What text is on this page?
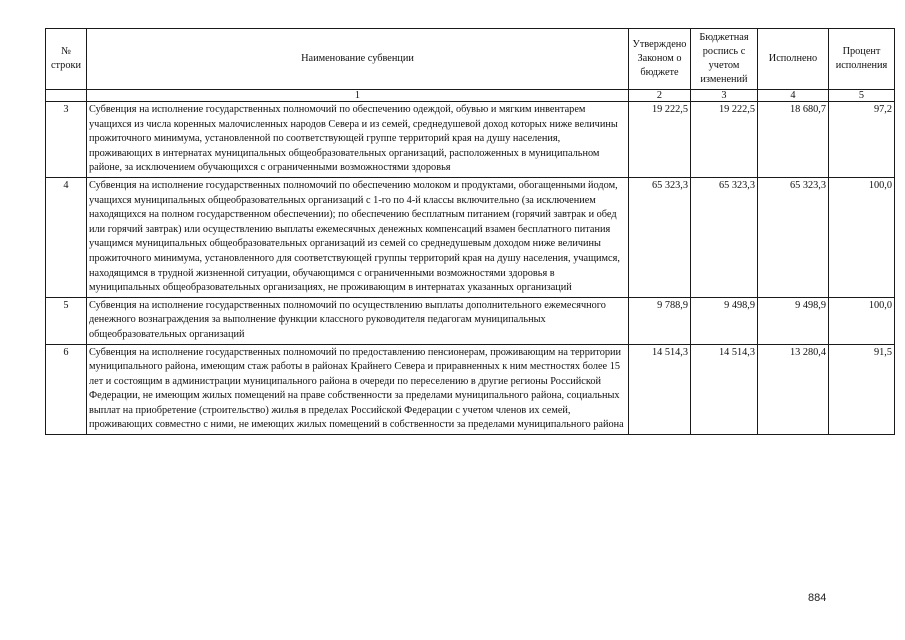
№ строки	Наименование субвенции	Утверждено Законом о бюджете	Бюджетная роспись с учетом изменений	Исполнено	Процент исполнения
	1	2	3	4	5
3	Субвенция на исполнение государственных полномочий по обеспечению одеждой, обувью и мягким инвентарем учащихся из числа коренных малочисленных народов Севера и из семей, среднедушевой доход которых ниже величины прожиточного минимума, установленной по соответствующей группе территорий края на душу населения, проживающих в интернатах муниципальных общеобразовательных организаций, расположенных в муниципальном районе, за исключением обучающихся с ограниченными возможностями здоровья	19 222,5	19 222,5	18 680,7	97,2
4	Субвенция на исполнение государственных полномочий по обеспечению молоком и продуктами, обогащенными йодом, учащихся муниципальных общеобразовательных организаций с 1-го по 4-й классы включительно (за исключением находящихся на полном государственном обеспечении); по обеспечению бесплатным питанием (горячий завтрак и обед или горячий завтрак) или осуществлению выплаты ежемесячных денежных компенсаций взамен бесплатного питания учащимся муниципальных общеобразовательных организаций из семей со среднедушевым доходом ниже величины прожиточного минимума, установленного для соответствующей группы территорий края на душу населения, учащимся, находящимся в трудной жизненной ситуации, обучающимся с ограниченными возможностями здоровья в муниципальных общеобразовательных организациях, не проживающим в интернатах указанных организаций	65 323,3	65 323,3	65 323,3	100,0
5	Субвенция на исполнение государственных полномочий по осуществлению выплаты дополнительного ежемесячного денежного вознаграждения за выполнение функции классного руководителя педагогам муниципальных общеобразовательных организаций	9 788,9	9 498,9	9 498,9	100,0
6	Субвенция на исполнение государственных полномочий по предоставлению пенсионерам, проживающим на территории муниципального района, имеющим стаж работы в районах Крайнего Севера и приравненных к ним местностях более 15 лет и состоящим в администрации муниципального района в очереди по переселению в другие регионы Российской Федерации, не имеющим жилых помещений на праве собственности за пределами муниципального района, социальных выплат на приобретение (строительство) жилья в пределах Российской Федерации с учетом членов их семей, проживающих совместно с ними, не имеющих жилых помещений в собственности за пределами муниципального района	14 514,3	14 514,3	13 280,4	91,5
884
